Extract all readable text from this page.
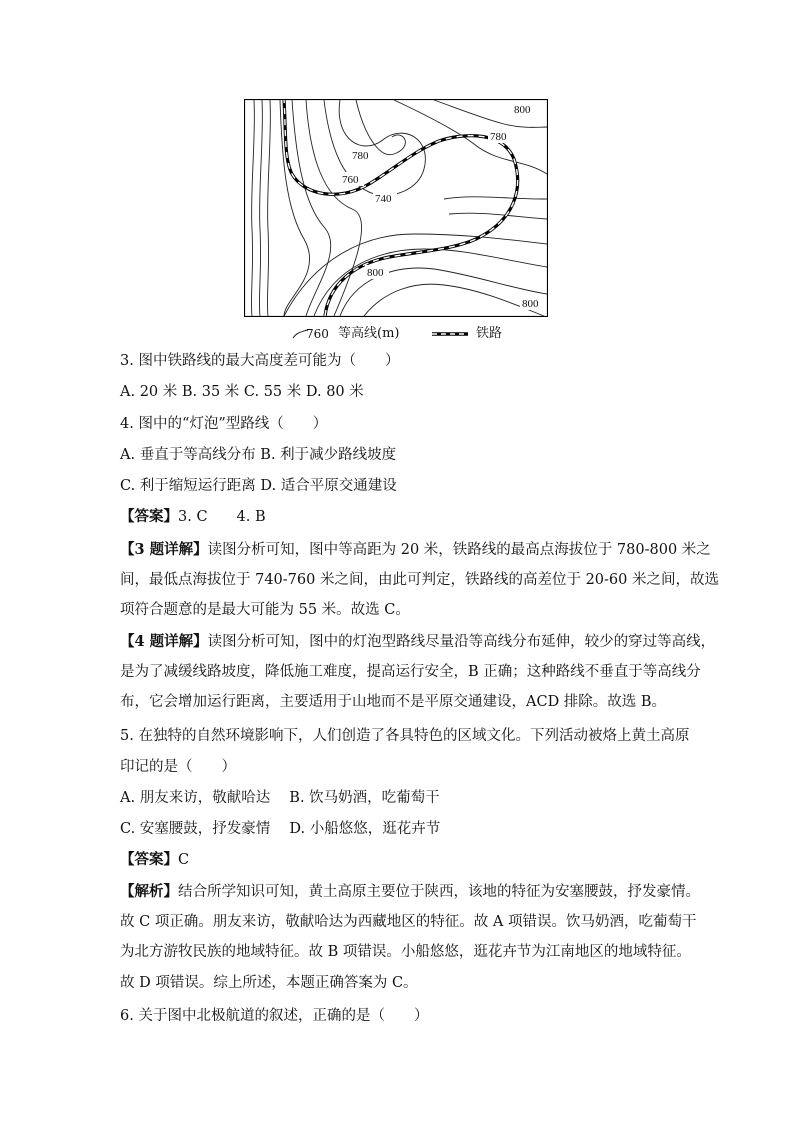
800
780
780
760
740
800
800
760 等高线(m)	铁路
3. 图中铁路线的最大高度差可能为（　　）
A. 20 米 B. 35 米 C. 55 米 D. 80 米
4. 图中的“灯泡”型路线（　　）
A. 垂直于等高线分布 B. 利于减少路线坡度
C. 利于缩短运行距离 D. 适合平原交通建设
【答案】3. C　　4. B
【3 题详解】读图分析可知，图中等高距为 20 米，铁路线的最高点海拔位于 780-800 米之
间，最低点海拔位于 740-760 米之间，由此可判定，铁路线的高差位于 20-60 米之间，故选
项符合题意的是最大可能为 55 米。故选 C。
【4 题详解】读图分析可知，图中的灯泡型路线尽量沿等高线分布延伸，较少的穿过等高线，
是为了减缓线路坡度，降低施工难度，提高运行安全，B 正确；这种路线不垂直于等高线分
布，它会增加运行距离，主要适用于山地而不是平原交通建设，ACD 排除。故选 B。
5. 在独特的自然环境影响下，人们创造了各具特色的区域文化。下列活动被烙上黄土高原
印记的是（　　）
A. 朋友来访，敬献哈达　 B. 饮马奶酒，吃葡萄干
C. 安塞腰鼓，抒发豪情　 D. 小船悠悠，逛花卉节
【答案】C
【解析】结合所学知识可知，黄土高原主要位于陕西，该地的特征为安塞腰鼓，抒发豪情。
故 C 项正确。朋友来访，敬献哈达为西藏地区的特征。故 A 项错误。饮马奶酒，吃葡萄干
为北方游牧民族的地域特征。故 B 项错误。小船悠悠，逛花卉节为江南地区的地域特征。
故 D 项错误。综上所述，本题正确答案为 C。
6. 关于图中北极航道的叙述，正确的是（　　）
